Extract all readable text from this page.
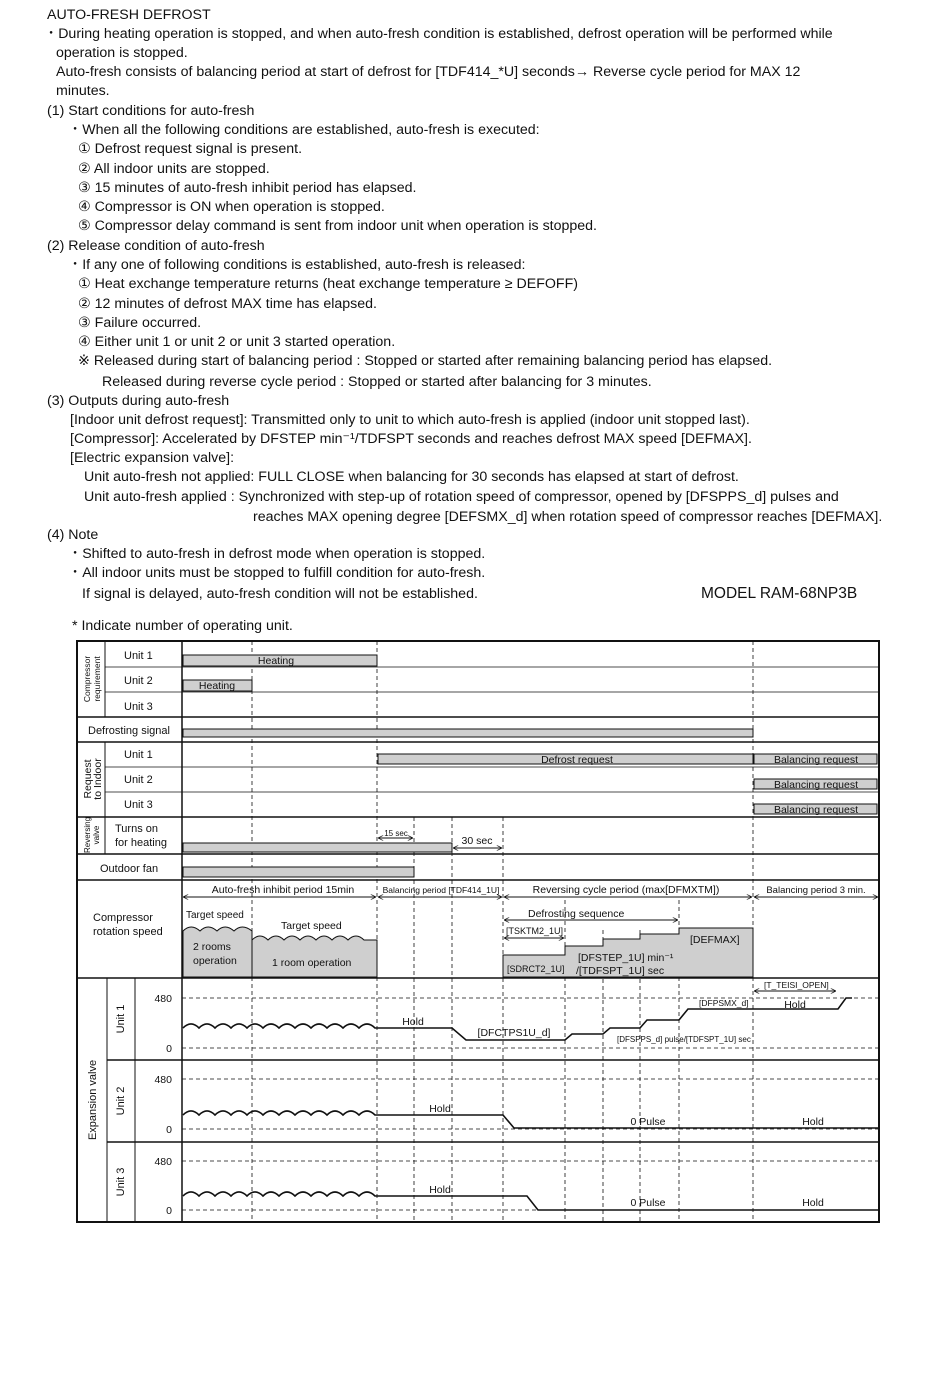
AUTO-FRESH DEFROST
・During heating operation is stopped, and when auto-fresh condition is established, defrost operation will be performed while
operation is stopped.
Auto-fresh consists of balancing period at start of defrost for [TDF414_*U] seconds→ Reverse cycle period for MAX 12
minutes.
(1) Start conditions for auto-fresh
・When all the following conditions are established, auto-fresh is executed:
① Defrost request signal is present.
② All indoor units are stopped.
③ 15 minutes of auto-fresh inhibit period has elapsed.
④ Compressor is ON when operation is stopped.
⑤ Compressor delay command is sent from indoor unit when operation is stopped.
(2) Release condition of auto-fresh
・If any one of following conditions is established, auto-fresh is released:
① Heat exchange temperature returns (heat exchange temperature ≥ DEFOFF)
② 12 minutes of defrost MAX time has elapsed.
③ Failure occurred.
④ Either unit 1 or unit 2 or unit 3 started operation.
※ Released during start of balancing period : Stopped or started after remaining balancing period has elapsed.
Released during reverse cycle period : Stopped or started after balancing for 3 minutes.
(3) Outputs during auto-fresh
[Indoor unit defrost request]: Transmitted only to unit to which auto-fresh is applied (indoor unit stopped last).
[Compressor]: Accelerated by DFSTEP min⁻¹/TDFSPT seconds and reaches defrost MAX speed [DEFMAX].
[Electric expansion valve]:
Unit auto-fresh not applied: FULL CLOSE when balancing for 30 seconds has elapsed at start of defrost.
Unit auto-fresh applied : Synchronized with step-up of rotation speed of compressor, opened by [DFSPPS_d] pulses and
reaches MAX opening degree [DEFSMX_d] when rotation speed of compressor reaches [DEFMAX].
(4) Note
・Shifted to auto-fresh in defrost mode when operation is stopped.
・All indoor units must be stopped to fulfill condition for auto-fresh.
If signal is delayed, auto-fresh condition will not be established.	MODEL RAM-68NP3B
* Indicate number of operating unit.
Compressor requirement
Request
to Indoor
Reversing valve
Expansion valve
Unit 1
Unit 2
Unit 3
Unit 1
Unit 2
Unit 3
Defrosting signal
Unit 1
Unit 2
Unit 3
Turns on
for heating
Outdoor fan
Compressor
rotation speed
Heating
Heating
Defrost request	Balancing request
Balancing request
Balancing request
15 sec
30 sec
Auto-fresh inhibit period 15min	Balancing period [TDF414_1U]	Reversing cycle period (max[DFMXTM])	Balancing period 3 min.
Target speed
Target speed
2 rooms
operation	1 room operation
Defrosting sequence
[TSKTM2_1U]
[SDRCT2_1U]
[DFSTEP_1U] min⁻¹
/[TDFSPT_1U] sec
[DEFMAX]
480
0
480
0
480
0
Hold
Hold
[DFCTPS1U_d]
[DFSPPS_d] pulse/[TDFSPT_1U] sec
[DFPSMX_d]
[T_TEISI_OPEN]
Hold
0 Pulse	Hold
Hold
0 Pulse	Hold
